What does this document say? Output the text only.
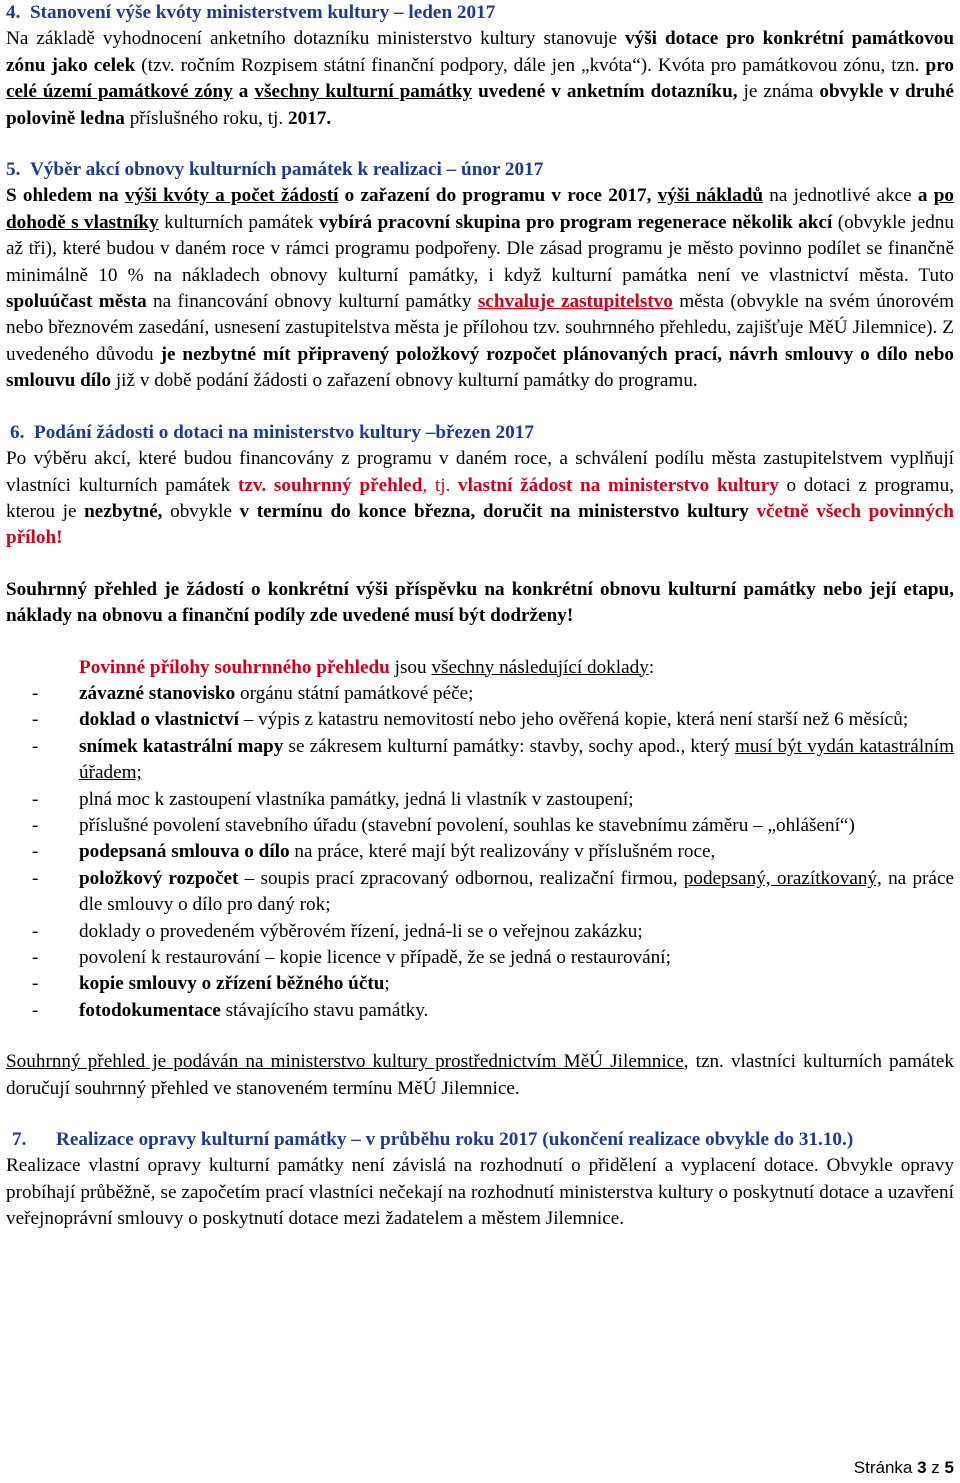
4.  Stanovení výše kvóty ministerstvem kultury – leden 2017

Na základě vyhodnocení anketního dotazníku ministerstvo kultury stanovuje výši dotace pro konkrétní památkovou zónu jako celek (tzv. ročním Rozpisem státní finanční podpory, dále jen „kvóta“). Kvóta pro památkovou zónu, tzn. pro celé území památkové zóny a všechny kulturní památky uvedené v anketním dotazníku, je známa obvykle v druhé polovině ledna příslušného roku, tj. 2017.

5.  Výběr akcí obnovy kulturních památek k realizaci – únor 2017

S ohledem na výši kvóty a počet žádostí o zařazení do programu v roce 2017, výši nákladů na jednotlivé akce a po dohodě s vlastníky kulturních památek vybírá pracovní skupina pro program regenerace několik akcí (obvykle jednu až tři), které budou v daném roce v rámci programu podpořeny. Dle zásad programu je město povinno podílet se finančně minimálně 10 % na nákladech obnovy kulturní památky, i když kulturní památka není ve vlastnictví města. Tuto spoluúčast města na financování obnovy kulturní památky schvaluje zastupitelstvo města (obvykle na svém únorovém nebo březnovém zasedání, usnesení zastupitelstva města je přílohou tzv. souhrnného přehledu, zajišťuje MěÚ Jilemnice). Z uvedeného důvodu je nezbytné mít připravený položkový rozpočet plánovaných prací, návrh smlouvy o dílo nebo smlouvu dílo již v době podání žádosti o zařazení obnovy kulturní památky do programu.

6.  Podání žádosti o dotaci na ministerstvo kultury –březen 2017

Po výběru akcí, které budou financovány z programu v daném roce, a schválení podílu města zastupitelstvem vyplňují vlastníci kulturních památek tzv. souhrnný přehled, tj. vlastní žádost na ministerstvo kultury o dotaci z programu, kterou je nezbytné, obvykle v termínu do konce března, doručit na ministerstvo kultury včetně všech povinných příloh!

Souhrnný přehled je žádostí o konkrétní výši příspěvku na konkrétní obnovu kulturní památky nebo její etapu, náklady na obnovu a finanční podíly zde uvedené musí být dodrženy!

Povinné přílohy souhrnného přehledu jsou všechny následující doklady:

-	závazné stanovisko orgánu státní památkové péče;
-	doklad o vlastnictví – výpis z katastru nemovitostí nebo jeho ověřená kopie, která není starší než 6 měsíců;
-	snímek katastrální mapy se zákresem kulturní památky: stavby, sochy apod., který musí být vydán katastrálním úřadem;
-	plná moc k zastoupení vlastníka památky, jedná li vlastník v zastoupení;
-	příslušné povolení stavebního úřadu (stavební povolení, souhlas ke stavebnímu záměru – „ohlášení“)
-	podepsaná smlouva o dílo na práce, které mají být realizovány v příslušném roce,
-	položkový rozpočet – soupis prací zpracovaný odbornou, realizační firmou, podepsaný, orazítkovaný, na práce dle smlouvy o dílo pro daný rok;
-	doklady o provedeném výběrovém řízení, jedná-li se o veřejnou zakázku;
-	povolení k restaurování – kopie licence v případě, že se jedná o restaurování;
-	kopie smlouvy o zřízení běžného účtu;
-	fotodokumentace stávajícího stavu památky.

Souhrnný přehled je podáván na ministerstvo kultury prostřednictvím MěÚ Jilemnice, tzn. vlastníci kulturních památek doručují souhrnný přehled ve stanoveném termínu MěÚ Jilemnice.

7.	Realizace opravy kulturní památky – v průběhu roku 2017 (ukončení realizace obvykle do 31.10.)

Realizace vlastní opravy kulturní památky není závislá na rozhodnutí o přidělení a vyplacení dotace. Obvykle opravy probíhají průběžně, se započetím prací vlastníci nečekají na rozhodnutí ministerstva kultury o poskytnutí dotace a uzavření veřejnoprávní smlouvy o poskytnutí dotace mezi žadatelem a městem Jilemnice.

Stránka 3 z 5
